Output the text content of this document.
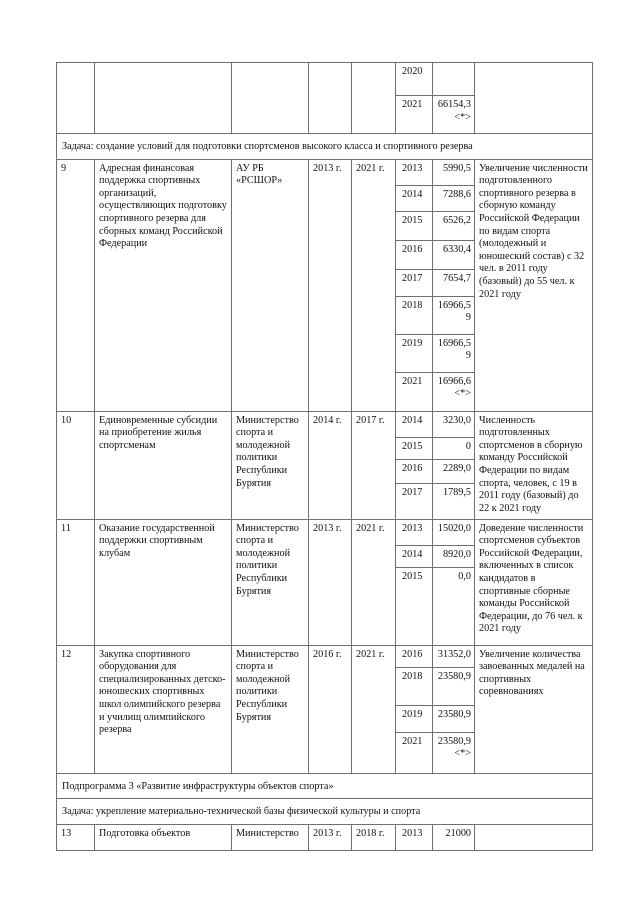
					2020		
					2021	66154,3
<*>	
Задача: создание условий для подготовки спортсменов высокого класса и спортивного резерва							
9	Адресная финансовая поддержка спортивных организаций, осуществляющих подготовку спортивного резерва для сборных команд Российской Федерации	АУ РБ «РСШОР»	2013 г.	2021 г.	2013	5990,5	Увеличение численности подготовленного спортивного резерва в сборную команду Российской Федерации по видам спорта (молодежный и юношеский состав) с 32 чел. в 2011 году (базовый) до 55 чел. к 2021 году
					2014	7288,6	
					2015	6526,2	
					2016	6330,4	
					2017	7654,7	
					2018	16966,5
9	
					2019	16966,5
9	
					2021	16966,6
<*>	
10	Единовременные субсидии на приобретение жилья спортсменам	Министерство спорта и молодежной политики Республики Бурятия	2014 г.	2017 г.	2014	3230,0	Численность подготовленных спортсменов в сборную команду Российской Федерации по видам спорта, человек, с 19 в 2011 году (базовый) до 22 к 2021 году
					2015	0	
					2016	2289,0	
					2017	1789,5	
11	Оказание государственной поддержки спортивным клубам	Министерство спорта и молодежной политики Республики Бурятия	2013 г.	2021 г.	2013	15020,0	Доведение численности спортсменов субъектов Российской Федерации, включенных в список кандидатов в спортивные сборные команды Российской Федерации, до 76 чел. к 2021 году
					2014	8920,0	
					2015	0,0	
12	Закупка спортивного оборудования для специализированных детско-юношеских спортивных школ олимпийского резерва и училищ олимпийского резерва	Министерство спорта и молодежной политики Республики Бурятия	2016 г.	2021 г.	2016	31352,0	Увеличение количества завоеванных медалей на спортивных соревнованиях
					2018	23580,9	
					2019	23580,9	
					2021	23580,9
<*>	
Подпрограмма 3 «Развитие инфраструктуры объектов спорта»							
Задача: укрепление материально-технической базы физической культуры и спорта							
13	Подготовка объектов	Министерство	2013 г.	2018 г.	2013	21000	
